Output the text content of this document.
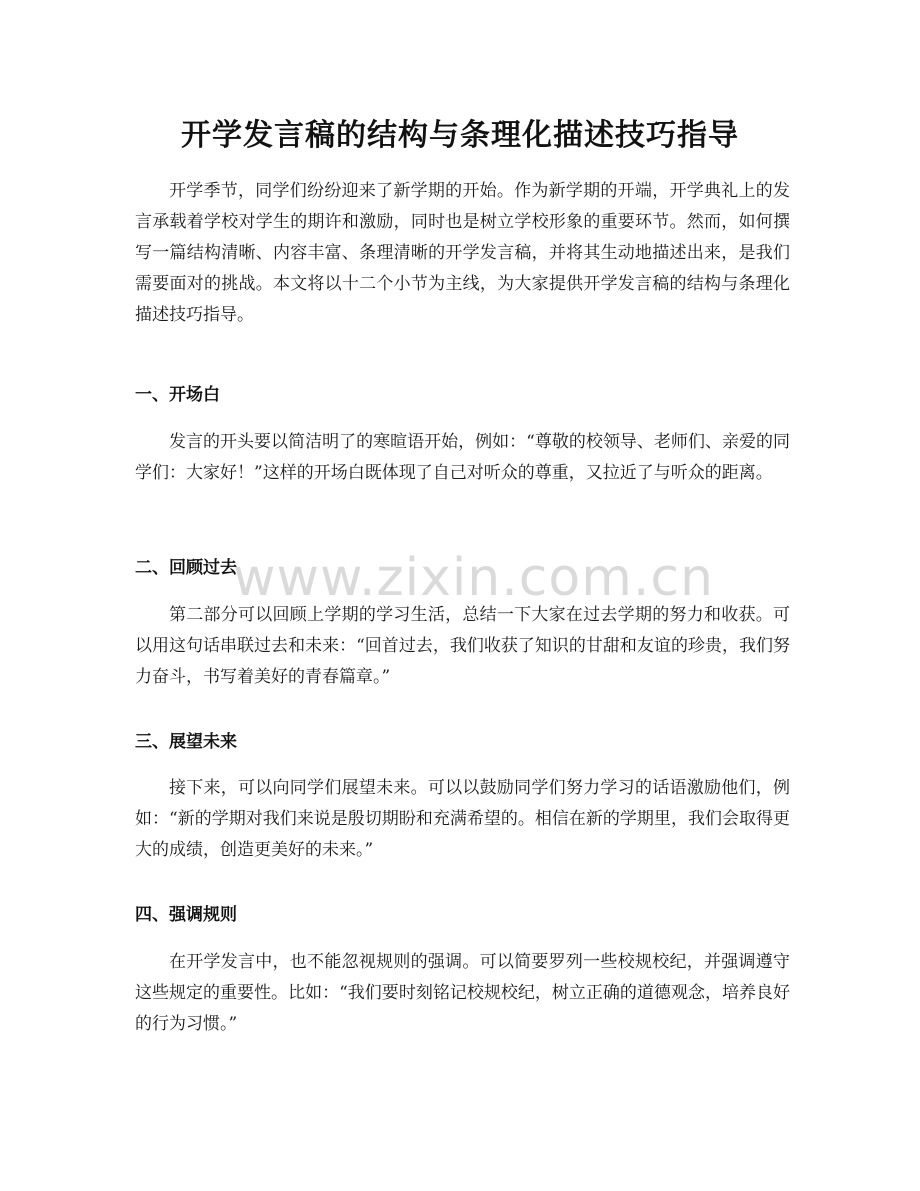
开学发言稿的结构与条理化描述技巧指导

开学季节，同学们纷纷迎来了新学期的开始。作为新学期的开端，开学典礼上的发言承载着学校对学生的期许和激励，同时也是树立学校形象的重要环节。然而，如何撰写一篇结构清晰、内容丰富、条理清晰的开学发言稿，并将其生动地描述出来，是我们需要面对的挑战。本文将以十二个小节为主线，为大家提供开学发言稿的结构与条理化描述技巧指导。

一、开场白

发言的开头要以简洁明了的寒暄语开始，例如：“尊敬的校领导、老师们、亲爱的同学们：大家好！”这样的开场白既体现了自己对听众的尊重，又拉近了与听众的距离。

二、回顾过去

第二部分可以回顾上学期的学习生活，总结一下大家在过去学期的努力和收获。可以用这句话串联过去和未来：“回首过去，我们收获了知识的甘甜和友谊的珍贵，我们努力奋斗，书写着美好的青春篇章。”

三、展望未来

接下来，可以向同学们展望未来。可以以鼓励同学们努力学习的话语激励他们，例如：“新的学期对我们来说是殷切期盼和充满希望的。相信在新的学期里，我们会取得更大的成绩，创造更美好的未来。”

四、强调规则

在开学发言中，也不能忽视规则的强调。可以简要罗列一些校规校纪，并强调遵守这些规定的重要性。比如：“我们要时刻铭记校规校纪，树立正确的道德观念，培养良好的行为习惯。”

www.zixin.com.cn
